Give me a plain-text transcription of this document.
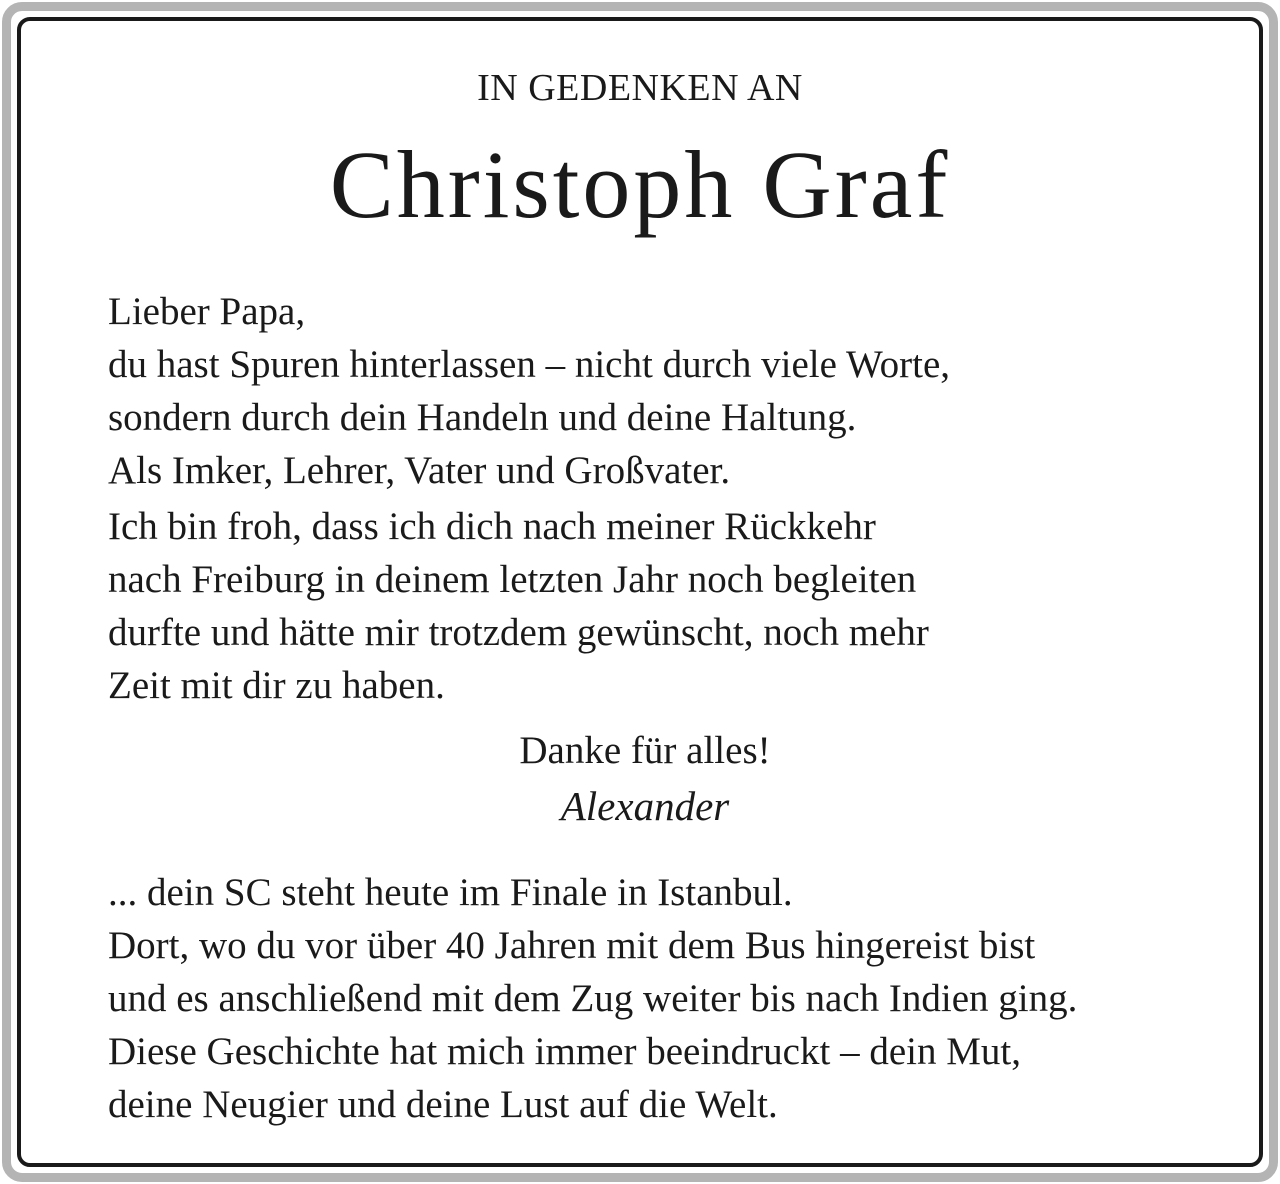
IN GEDENKEN AN

Christoph Graf

Lieber Papa,
du hast Spuren hinterlassen – nicht durch viele Worte,
sondern durch dein Handeln und deine Haltung.
Als Imker, Lehrer, Vater und Großvater.

Ich bin froh, dass ich dich nach meiner Rückkehr
nach Freiburg in deinem letzten Jahr noch begleiten
durfte und hätte mir trotzdem gewünscht, noch mehr
Zeit mit dir zu haben.

Danke für alles!

Alexander

... dein SC steht heute im Finale in Istanbul.
Dort, wo du vor über 40 Jahren mit dem Bus hingereist bist
und es anschließend mit dem Zug weiter bis nach Indien ging.
Diese Geschichte hat mich immer beeindruckt – dein Mut,
deine Neugier und deine Lust auf die Welt.
